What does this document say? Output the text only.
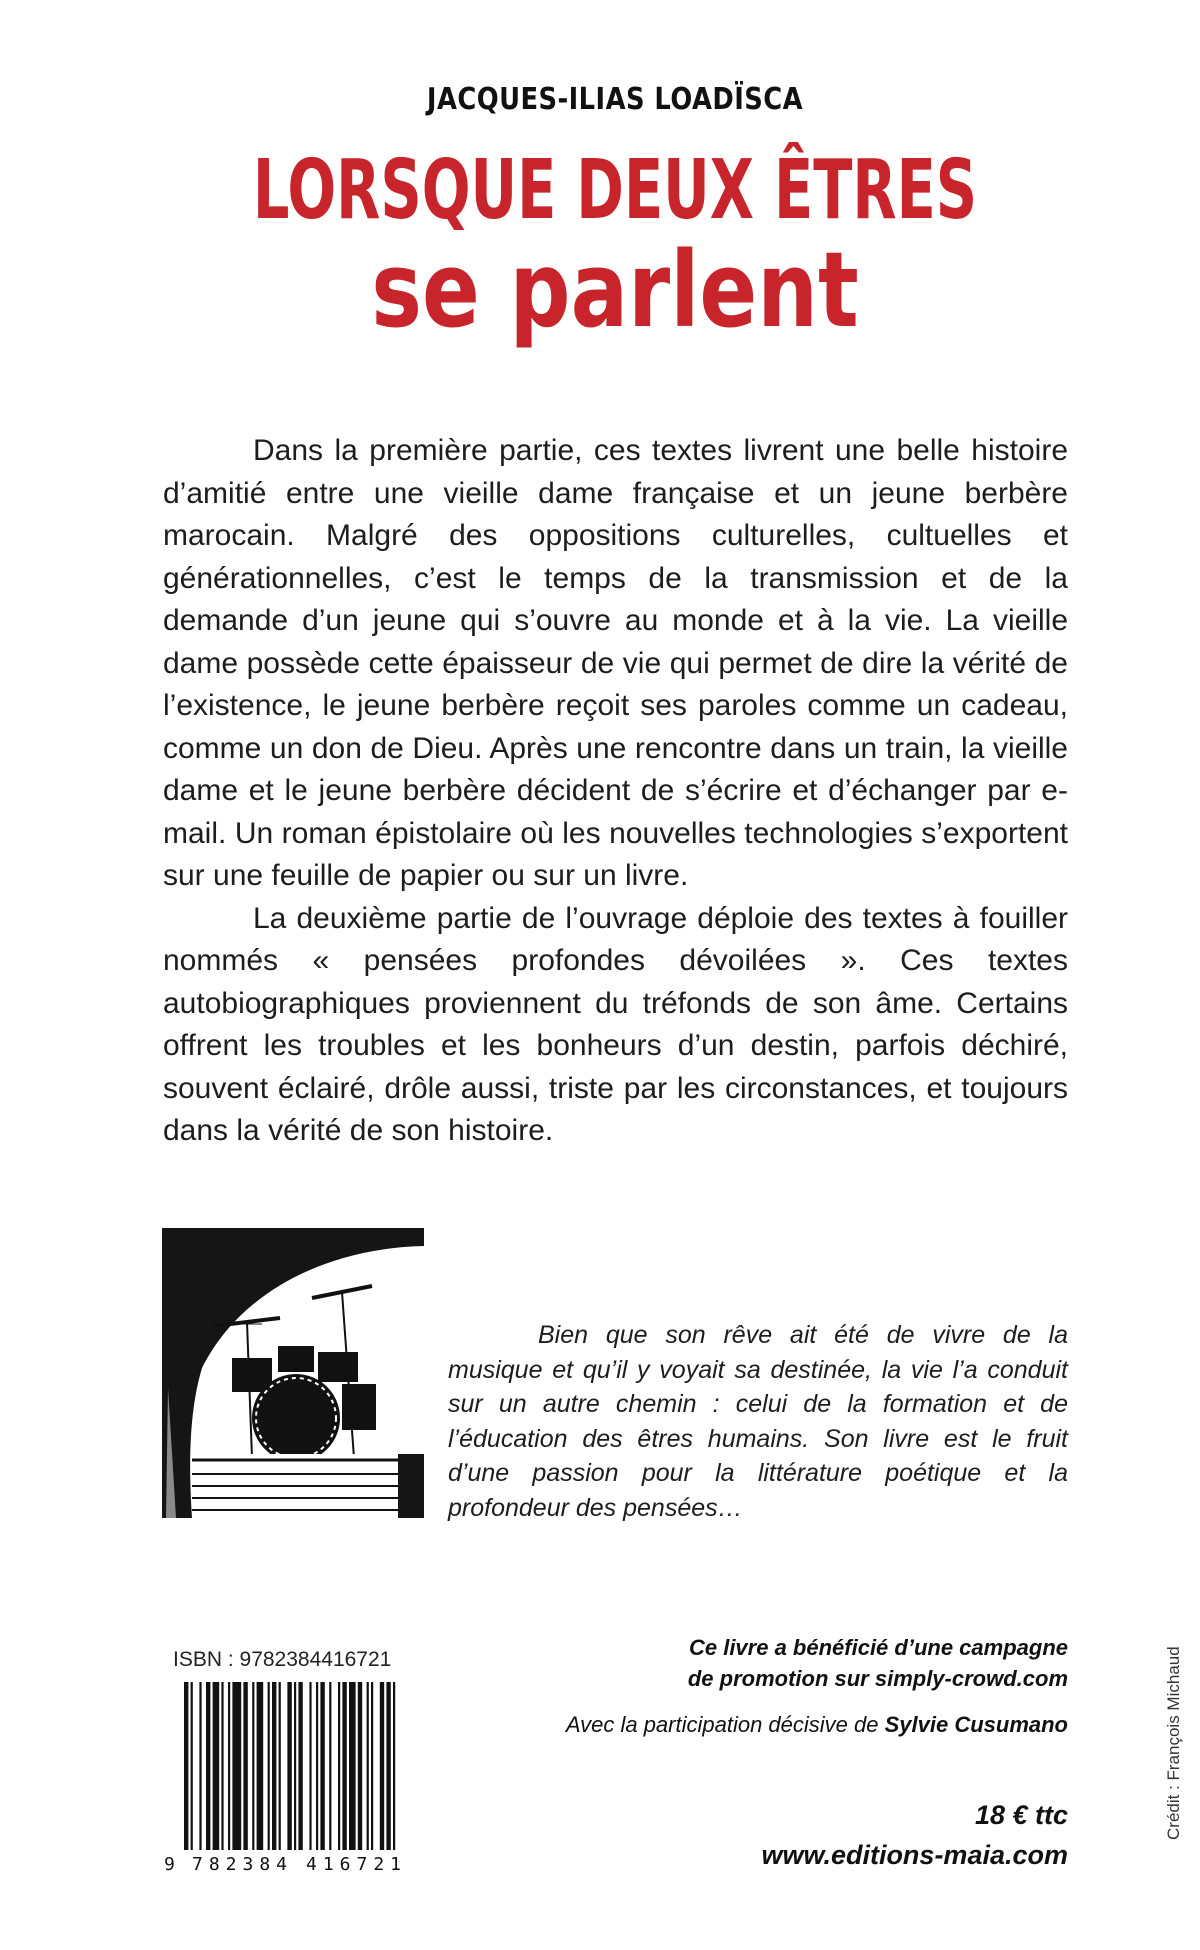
JACQUES-ILIAS LOADÏSCA
LORSQUE DEUX ÊTRES
se parlent

Dans la première partie, ces textes livrent une belle histoire d’amitié entre une vieille dame française et un jeune berbère marocain. Malgré des oppositions culturelles, cultuelles et générationnelles, c’est le temps de la transmission et de la demande d’un jeune qui s’ouvre au monde et à la vie. La vieille dame possède cette épaisseur de vie qui permet de dire la vérité de l’existence, le jeune berbère reçoit ses paroles comme un cadeau, comme un don de Dieu. Après une rencontre dans un train, la vieille dame et le jeune berbère décident de s’écrire et d’échanger par e-mail. Un roman épistolaire où les nouvelles technologies s’exportent sur une feuille de papier ou sur un livre.

La deuxième partie de l’ouvrage déploie des textes à fouiller nommés « pensées profondes dévoilées ». Ces textes autobiographiques proviennent du tréfonds de son âme. Certains offrent les troubles et les bonheurs d’un destin, parfois déchiré, souvent éclairé, drôle aussi, triste par les circonstances, et toujours dans la vérité de son histoire.

Bien que son rêve ait été de vivre de la musique et qu’il y voyait sa destinée, la vie l’a conduit sur un autre chemin : celui de la formation et de l’éducation des êtres humains. Son livre est le fruit d’une passion pour la littérature poétique et la profondeur des pensées…

ISBN : 9782384416721
9 782384 416721
Ce livre a bénéficié d’une campagne
de promotion sur simply-crowd.com
Avec la participation décisive de Sylvie Cusumano
18 € ttc
www.editions-maia.com
Crédit : François Michaud
